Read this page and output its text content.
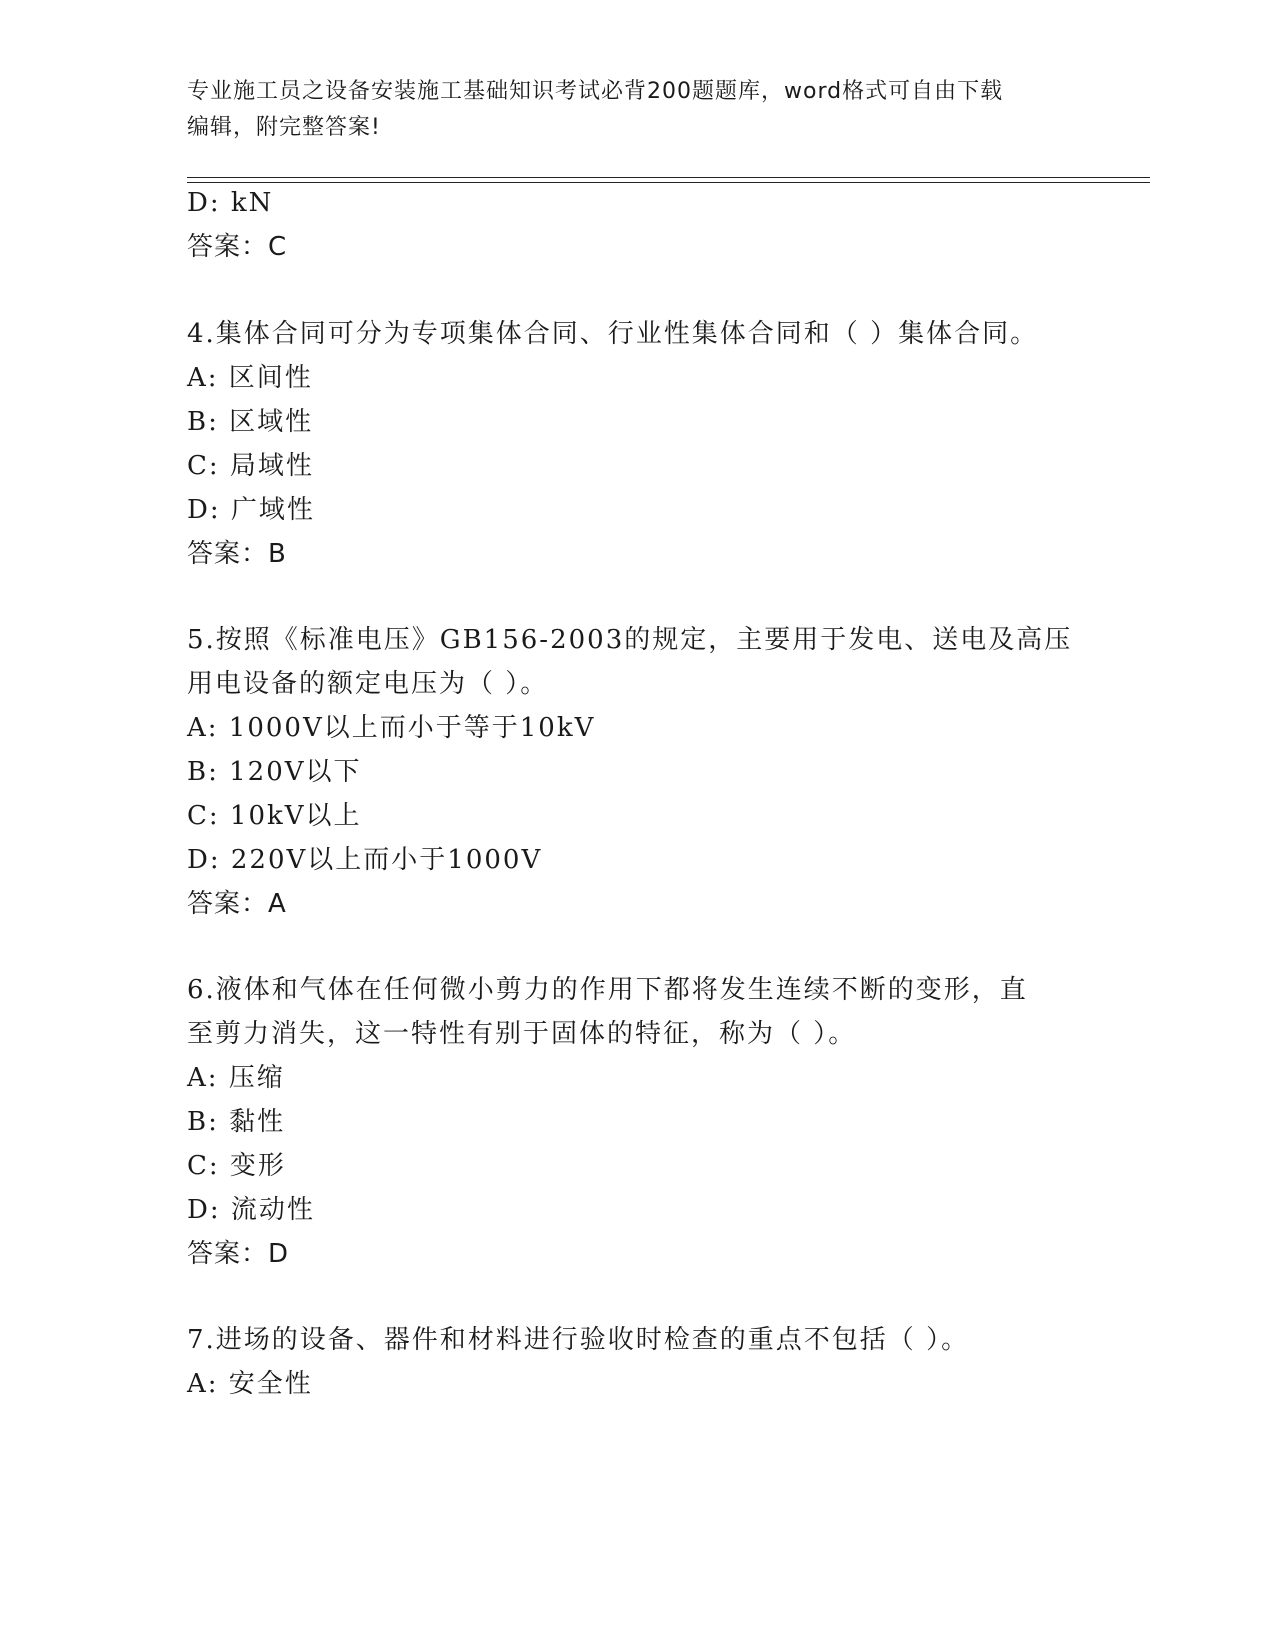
专业施工员之设备安装施工基础知识考试必背200题题库，word格式可自由下载
编辑，附完整答案!
D: kN
答案：C
4.集体合同可分为专项集体合同、行业性集体合同和（ ）集体合同。
A: 区间性
B: 区域性
C: 局域性
D: 广域性
答案：B
5.按照《标准电压》GB156-2003的规定，主要用于发电、送电及高压
用电设备的额定电压为（ ）。
A: 1000V以上而小于等于10kV
B: 120V以下
C: 10kV以上
D: 220V以上而小于1000V
答案：A
6.液体和气体在任何微小剪力的作用下都将发生连续不断的变形，直
至剪力消失，这一特性有别于固体的特征，称为（ ）。
A: 压缩
B: 黏性
C: 变形
D: 流动性
答案：D
7.进场的设备、器件和材料进行验收时检查的重点不包括（ ）。
A: 安全性
